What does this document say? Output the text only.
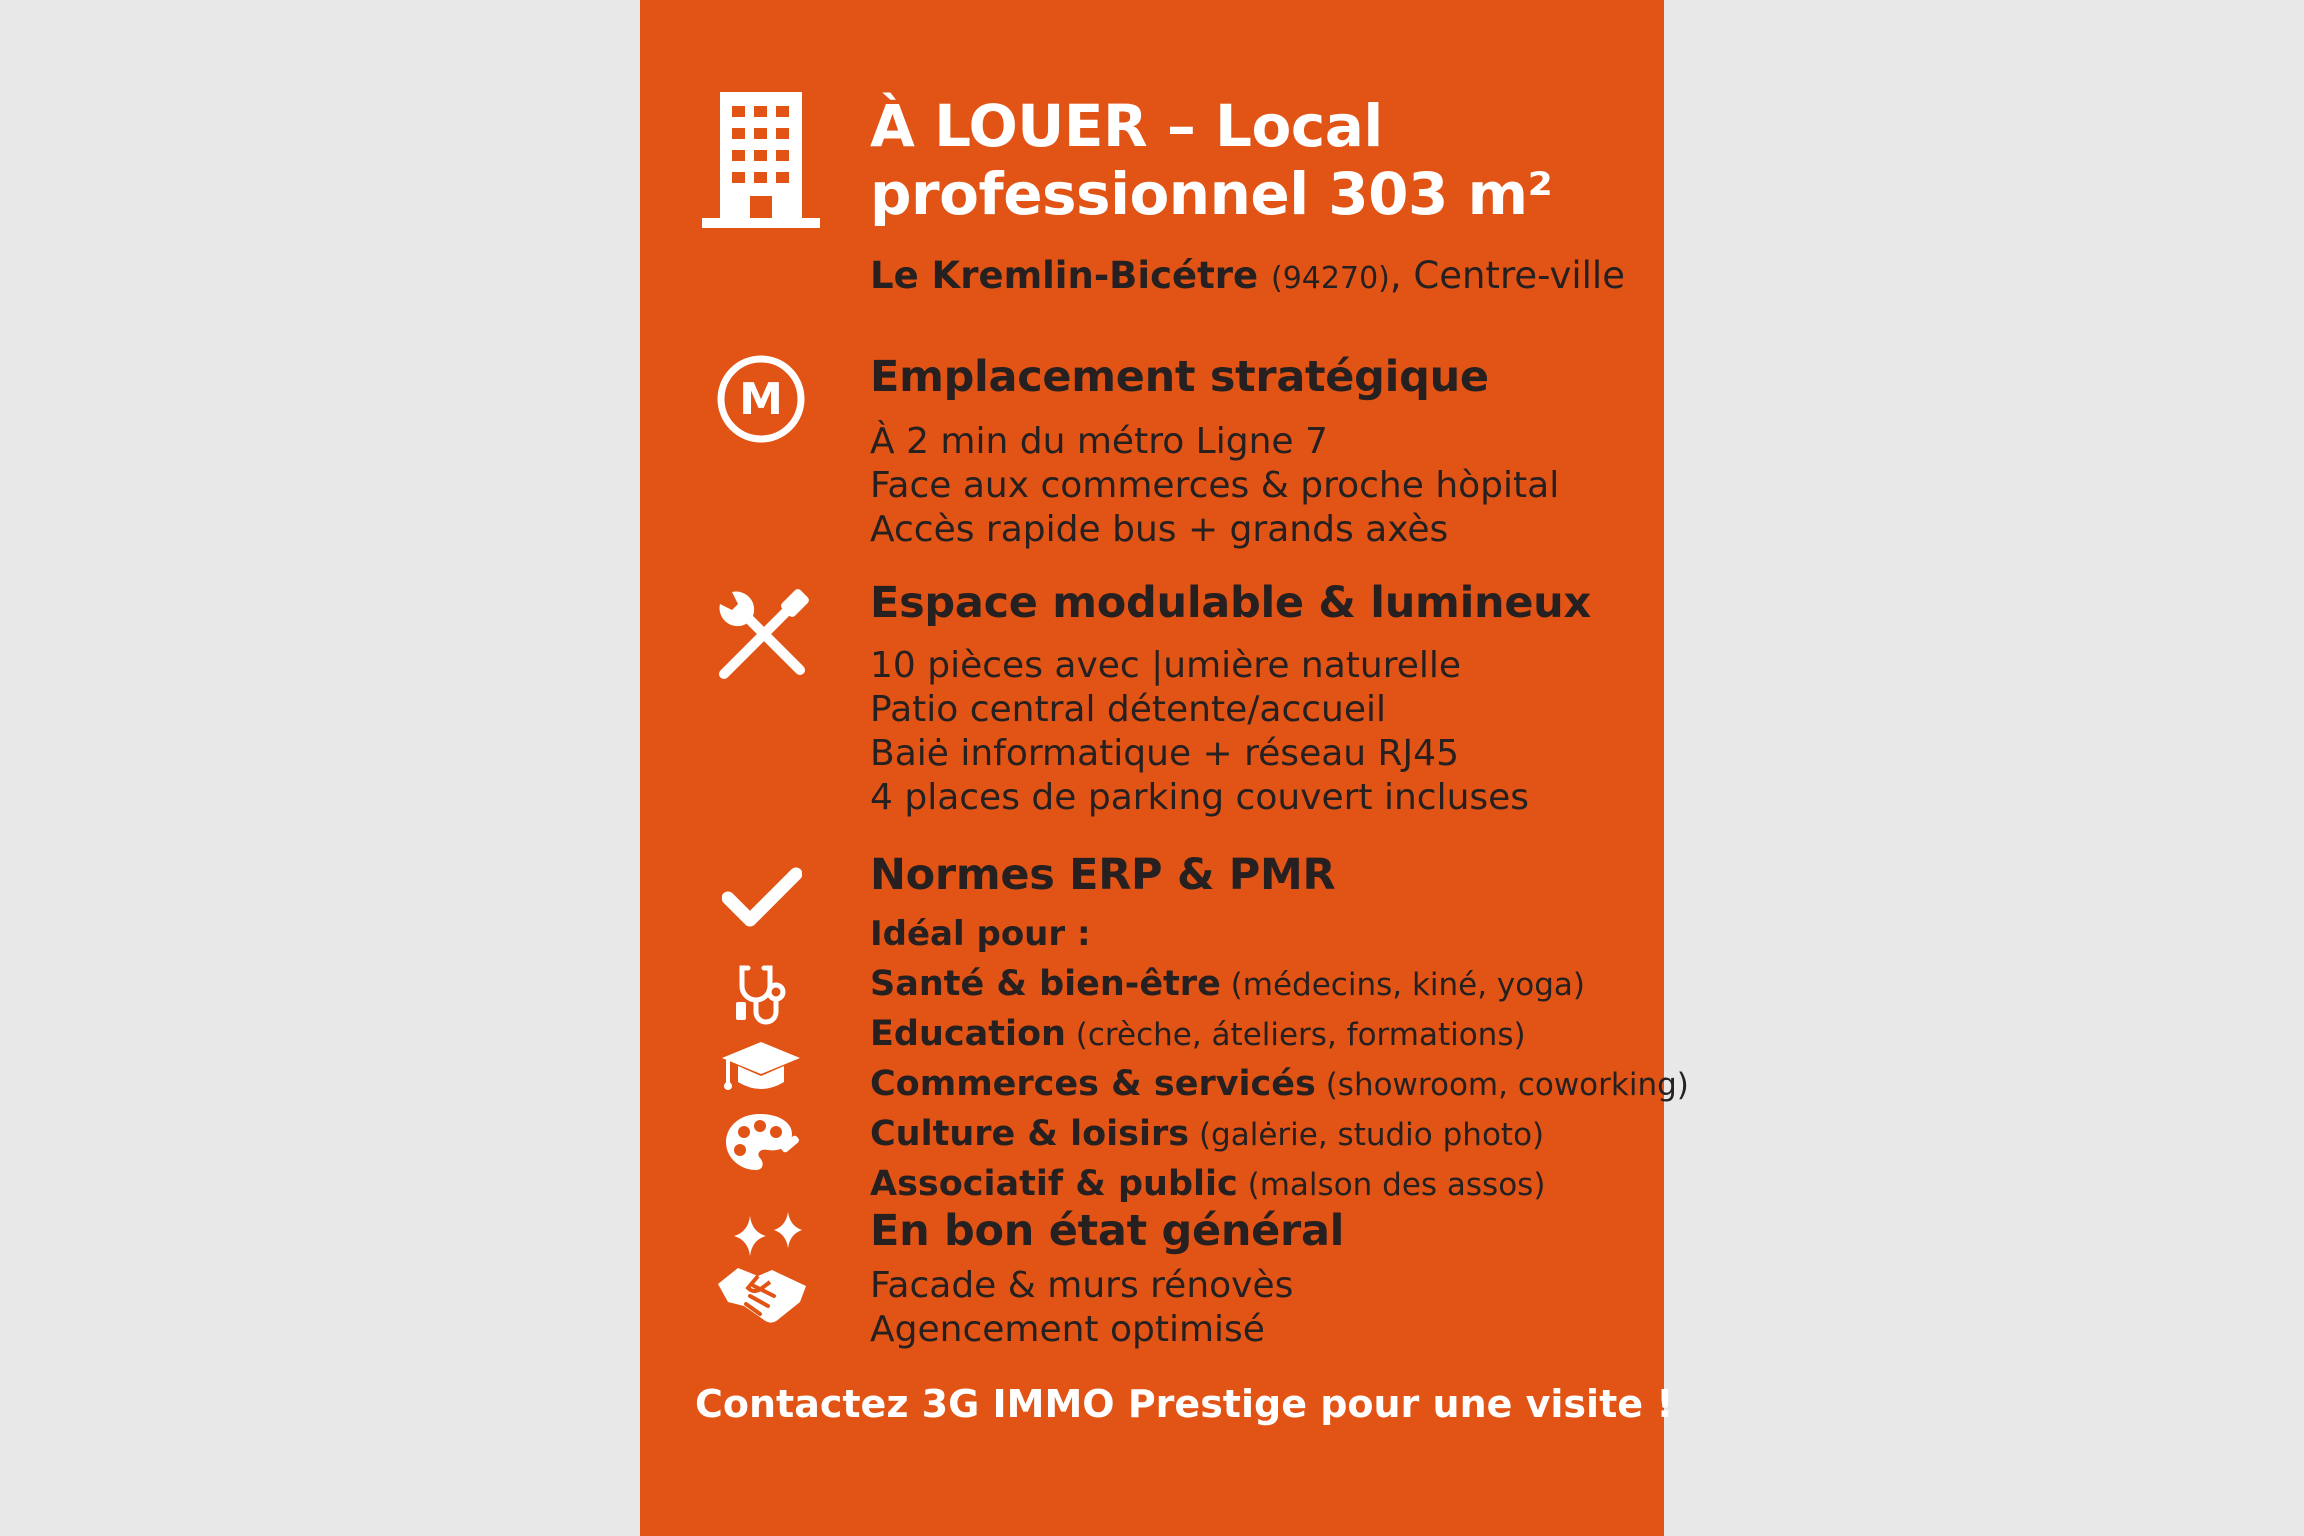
À LOUER – Local
professionnel 303 m²
Le Kremlin-Bicétre (94270), Centre-ville
M Emplacement stratégique
À 2 min du métro Ligne 7
Face aux commerces & proche hòpital
Accès rapide bus + grands axès
Espace modulable & lumineux
10 pièces avec |umière naturelle
Patio central détente/accueil
Baiė informatique + réseau RJ45
4 places de parking couvert incluses
Normes ERP & PMR
Idéal pour :
Santé & bien-être (médecins, kiné, yoga)
Education (crèche, áteliers, formations)
Commerces & servicés (showroom, coworking)
Culture & loisirs (galėrie, studio photo)
Associatif & public (malson des assos)
En bon état général
Facade & murs rénovès
Agencement optimisé
Contactez 3G IMMO Prestige pour une visite !
